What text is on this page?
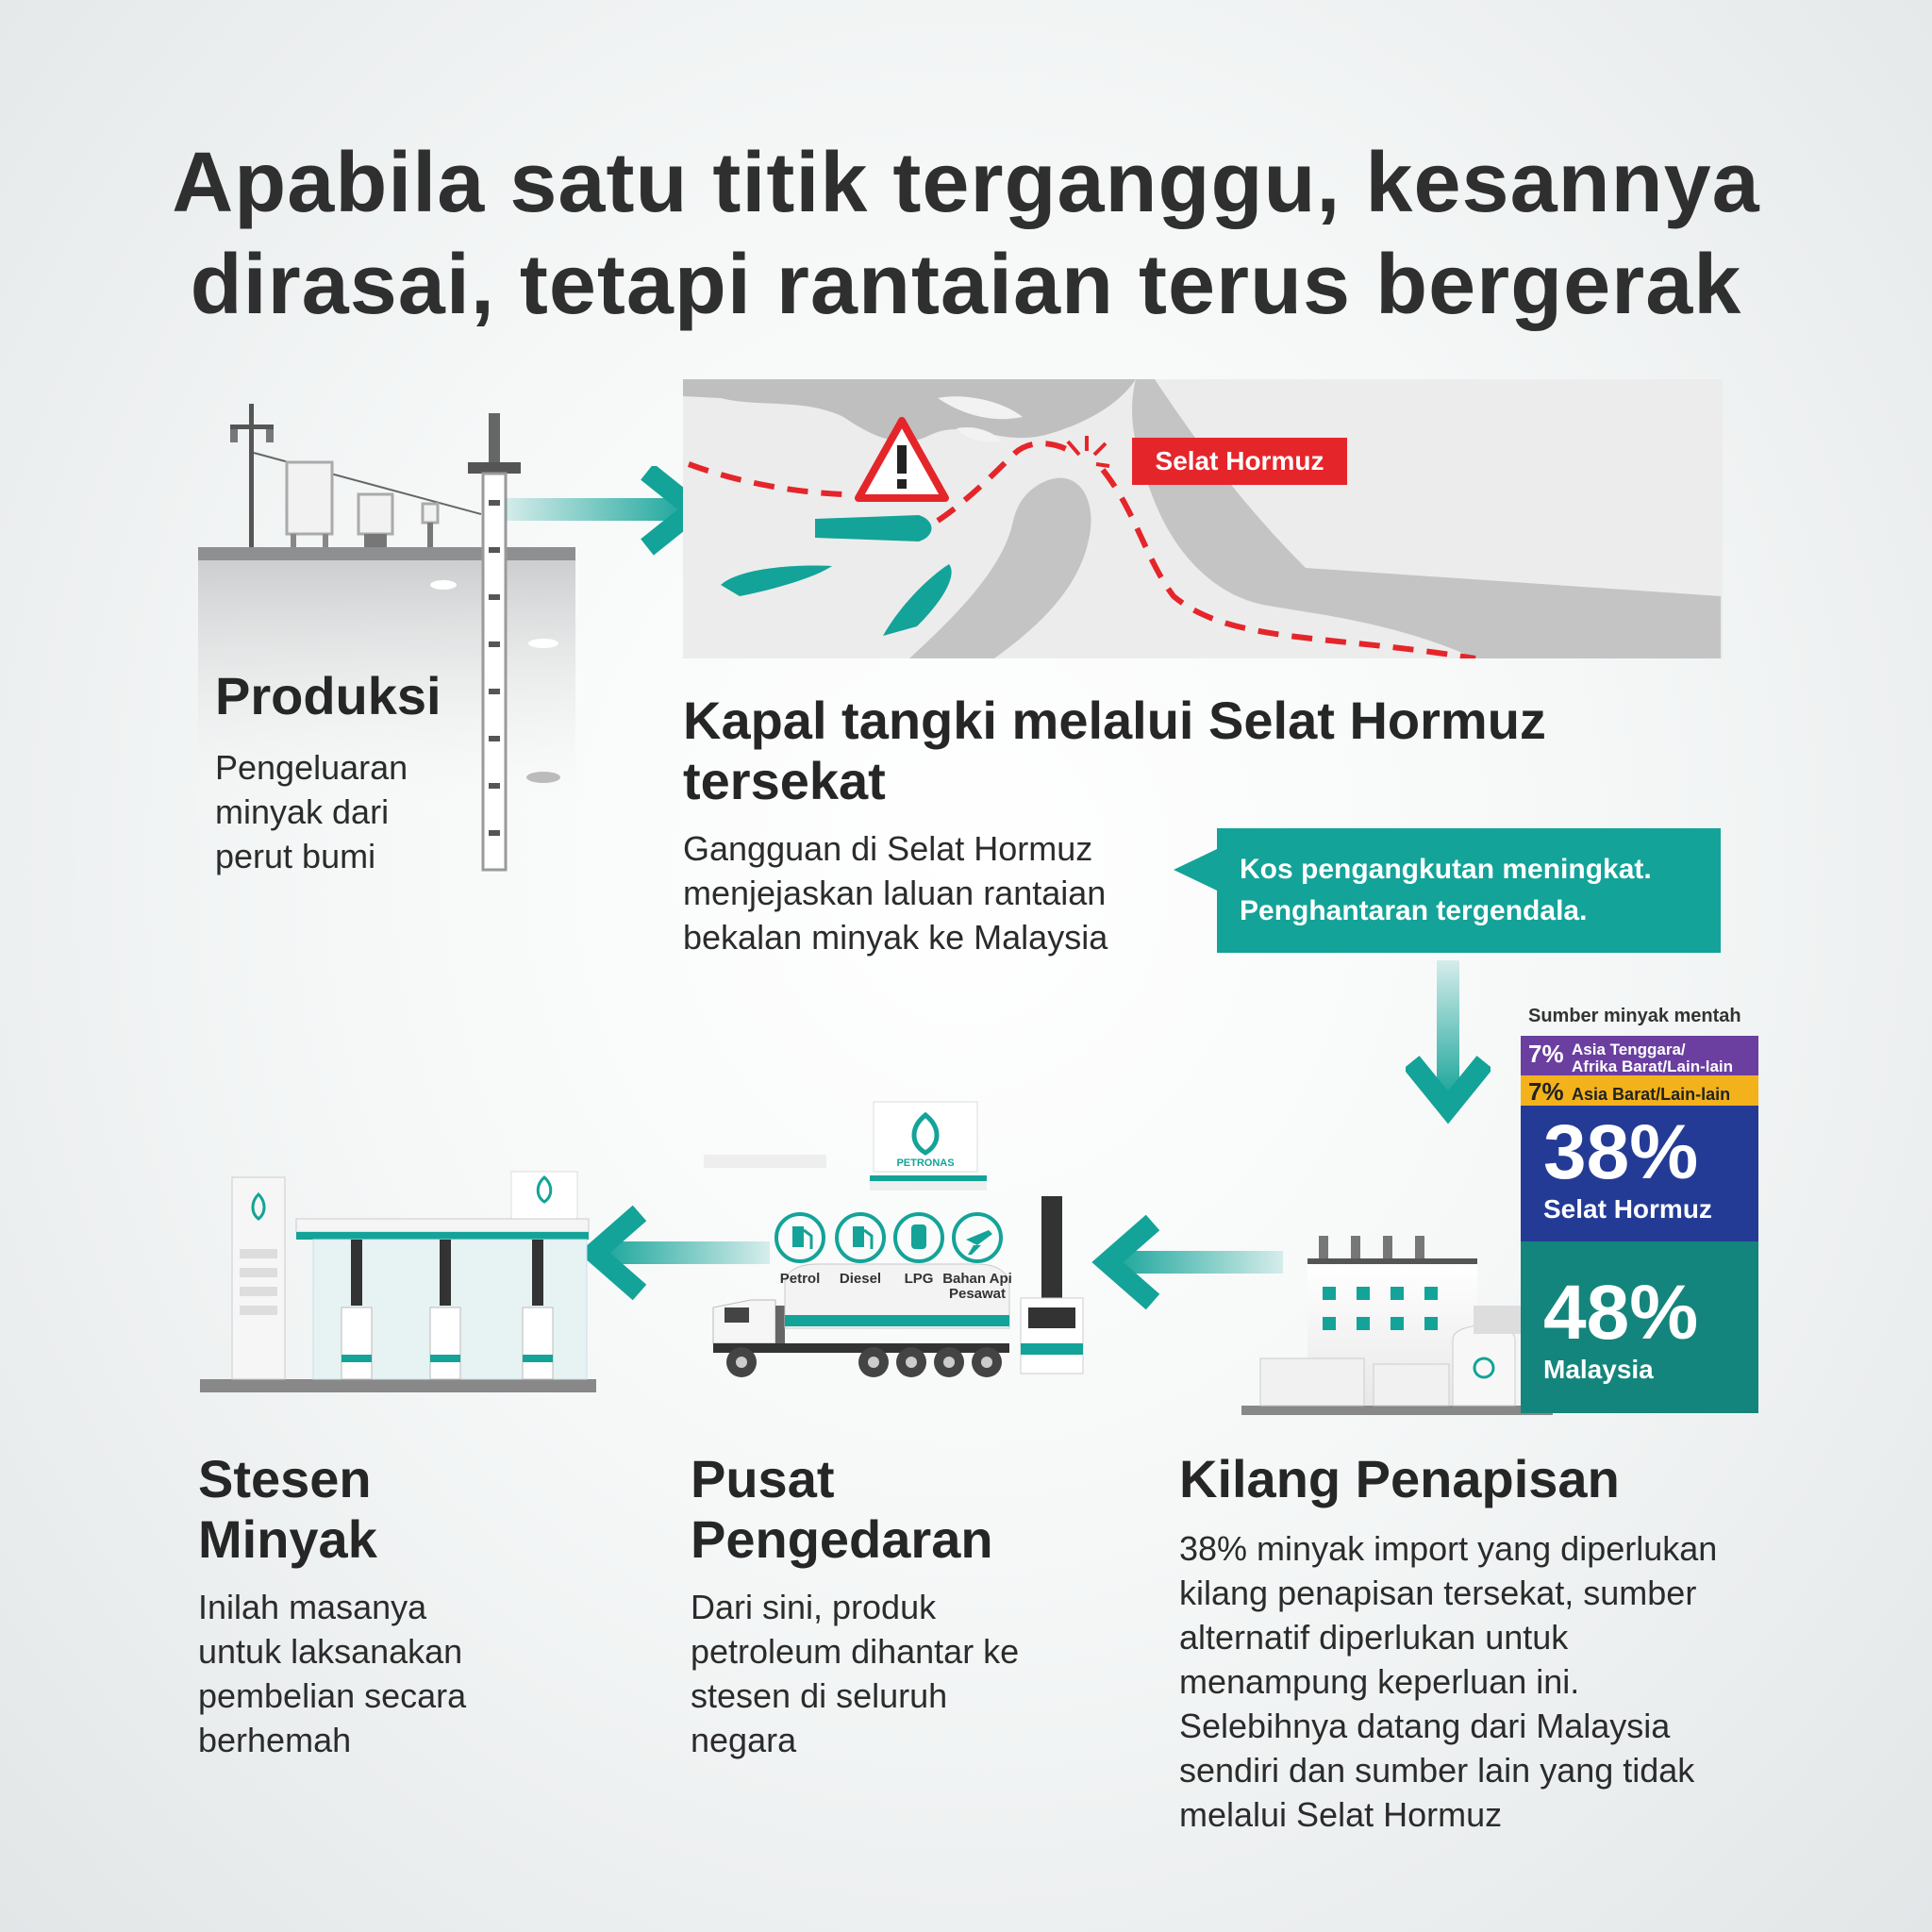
Apabila satu titik terganggu, kesannya
dirasai, tetapi rantaian terus bergerak
Selat Hormuz
Produksi

Pengeluaran
minyak dari
perut bumi

Kapal tangki melalui Selat Hormuz
tersekat

Gangguan di Selat Hormuz
menjejaskan laluan rantaian
bekalan minyak ke Malaysia

Kos pengangkutan meningkat.
Penghantaran tergendala.
Sumber minyak mentah
7% Asia Tenggara/
Afrika Barat/Lain-lain
7% Asia Barat/Lain-lain
38%
Selat Hormuz
48%
Malaysia
PETRONAS
Petrol	Diesel	LPG Bahan Api
Pesawat
Stesen
Minyak

Inilah masanya
untuk laksanakan
pembelian secara
berhemah

Pusat
Pengedaran

Dari sini, produk
petroleum dihantar ke
stesen di seluruh
negara

Kilang Penapisan

38% minyak import yang diperlukan
kilang penapisan tersekat, sumber
alternatif diperlukan untuk
menampung keperluan ini.
Selebihnya datang dari Malaysia
sendiri dan sumber lain yang tidak
melalui Selat Hormuz
